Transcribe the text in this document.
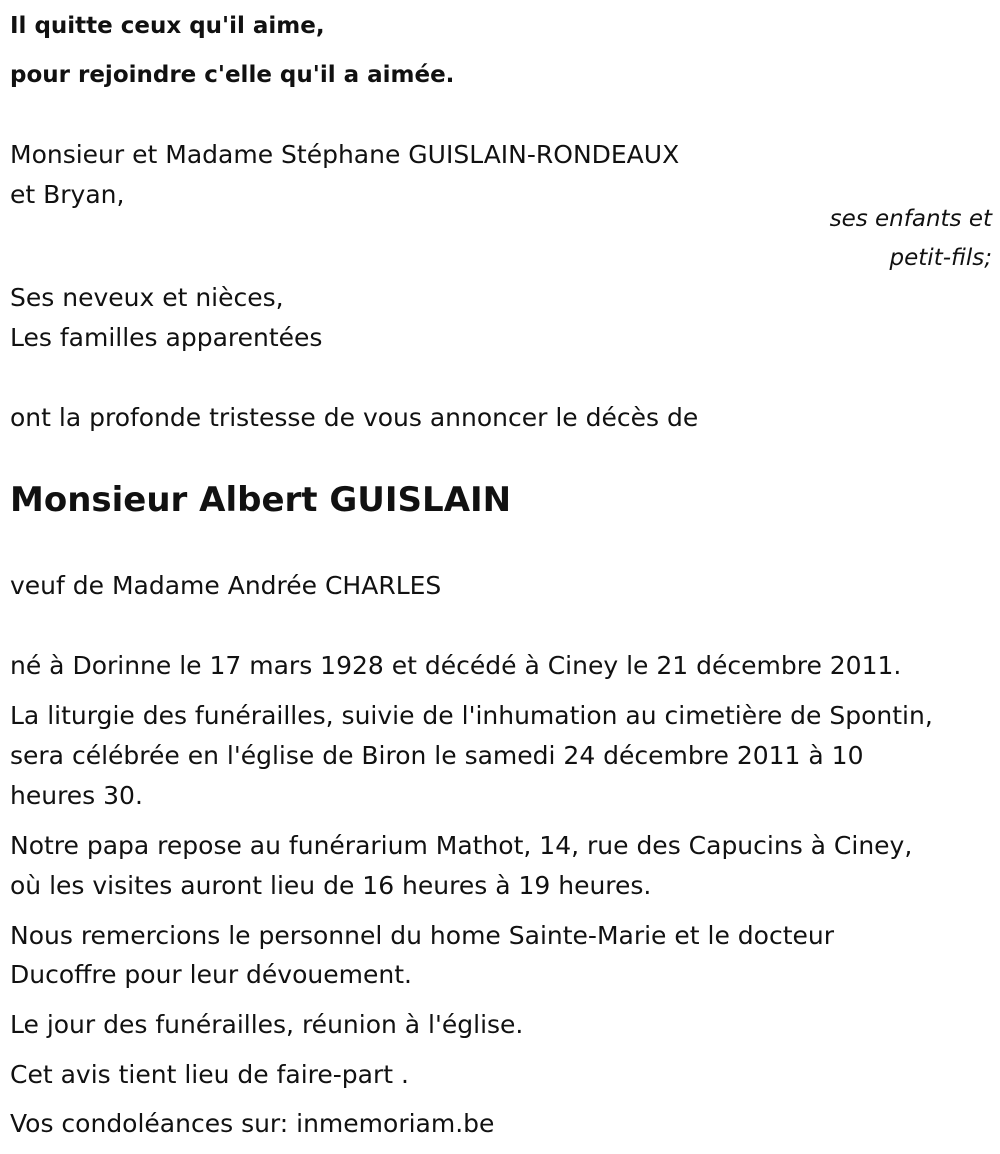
Il quitte ceux qu'il aime,
pour rejoindre c'elle qu'il a aimée.
Monsieur et Madame Stéphane GUISLAIN-RONDEAUX
et Bryan,
ses enfants et
petit-fils;
Ses neveux et nièces,
Les familles apparentées
ont la profonde tristesse de vous annoncer le décès de
Monsieur Albert GUISLAIN
veuf de Madame Andrée CHARLES
né à Dorinne le 17 mars 1928 et décédé à Ciney le 21 décembre 2011.
La liturgie des funérailles, suivie de l'inhumation au cimetière de Spontin,
sera célébrée en l'église de Biron le samedi 24 décembre 2011 à 10
heures 30.
Notre papa repose au funérarium Mathot, 14, rue des Capucins à Ciney,
où les visites auront lieu de 16 heures à 19 heures.
Nous remercions le personnel du home Sainte-Marie et le docteur
Ducoffre pour leur dévouement.
Le jour des funérailles, réunion à l'église.
Cet avis tient lieu de faire-part .
Vos condoléances sur: inmemoriam.be
